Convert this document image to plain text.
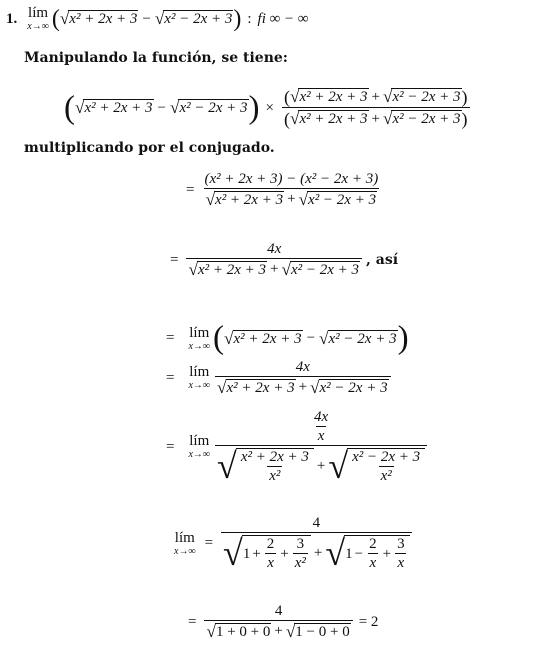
1. lím
x→∞ ( √ x² + 2x + 3 − √ x² − 2x + 3 ) : fi ∞ − ∞
Manipulando la función, se tiene:
( √ x² + 2x + 3 − √ x² − 2x + 3 ) × $\frac{\text{( √ x² + 2x + 3 + √ x² − 2x + 3 )}}{\text{( √ x² + 2x + 3 + √ x² − 2x + 3 )}}$
multiplicando por el conjugado.
= $\frac{\text{(x² + 2x + 3) − (x² − 2x + 3)}}{\text{√ x² + 2x + 3 + √ x² − 2x + 3}}$
= $\frac{4x}{\text{√ x² + 2x + 3 + √ x² − 2x + 3}}$ , así
= lím
x→∞ ( √ x² + 2x + 3 − √ x² − 2x + 3 )
= lím
$x\to\infty \frac{4x}{\text{√ x² + 2x + 3 + √ x² − 2x + 3}}$
= lím
$x\to\infty \frac{\frac{4x}{x}}{√ \frac{\text{x² + 2x + 3}}{\text{x²}} + √ \frac{\text{x² − 2x + 3}}{\text{x²}}}$
lím
x→∞ =
4
√ $1 + \frac{2}{x} + \frac{3}{\text{x²}}$ + √ $1 - \frac{2}{x} + \frac{3}{x}$
= $\frac{4}{√ 1 + 0 + 0 + √ 1 - 0 + 0} = 2$
